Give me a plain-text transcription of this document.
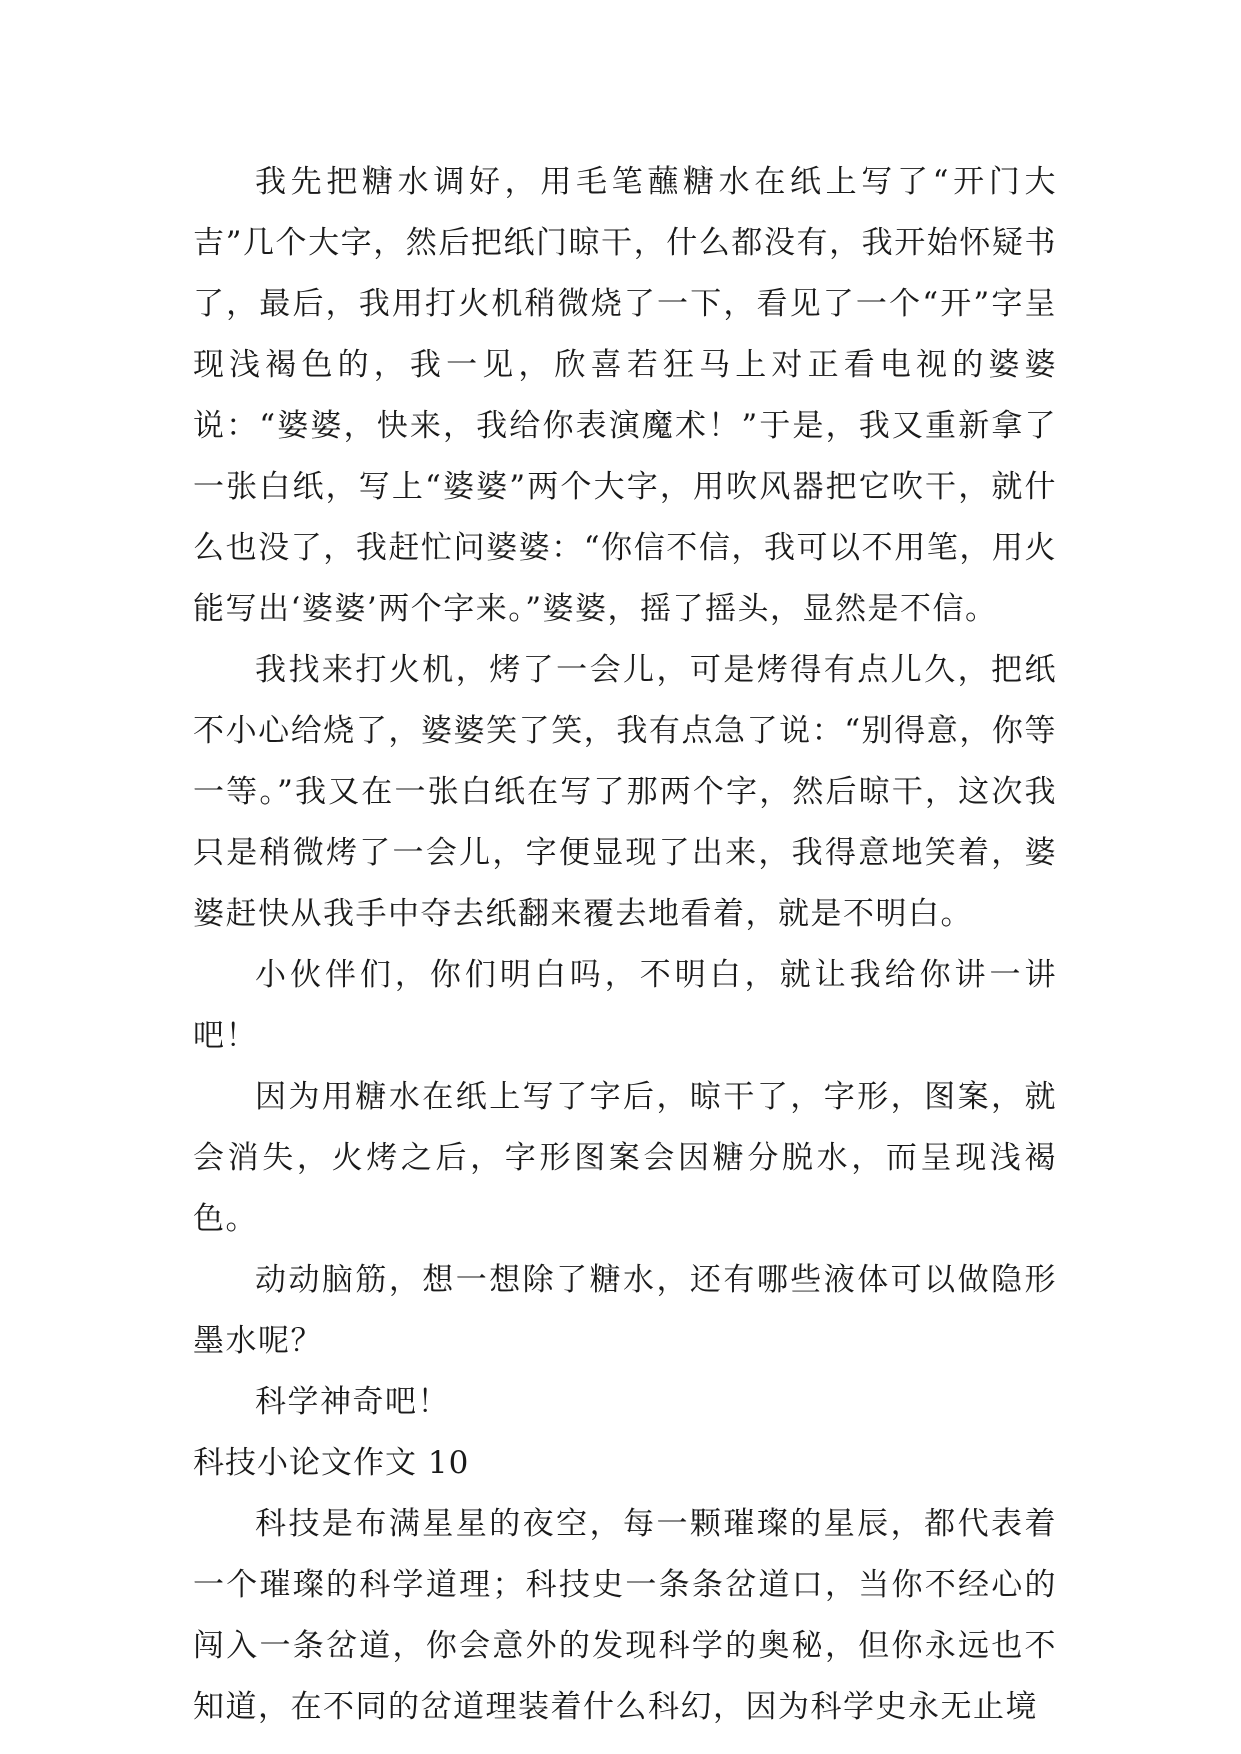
我先把糖水调好，用毛笔蘸糖水在纸上写了“开门大吉”几个大字，然后把纸门晾干，什么都没有，我开始怀疑书了，最后，我用打火机稍微烧了一下，看见了一个“开”字呈现浅褐色的，我一见，欣喜若狂马上对正看电视的婆婆说：“婆婆，快来，我给你表演魔术！”于是，我又重新拿了一张白纸，写上“婆婆”两个大字，用吹风器把它吹干，就什么也没了，我赶忙问婆婆：“你信不信，我可以不用笔，用火能写出‘婆婆’两个字来。”婆婆，摇了摇头，显然是不信。

我找来打火机，烤了一会儿，可是烤得有点儿久，把纸不小心给烧了，婆婆笑了笑，我有点急了说：“别得意，你等一等。”我又在一张白纸在写了那两个字，然后晾干，这次我只是稍微烤了一会儿，字便显现了出来，我得意地笑着，婆婆赶快从我手中夺去纸翻来覆去地看着，就是不明白。

小伙伴们，你们明白吗，不明白，就让我给你讲一讲吧！

因为用糖水在纸上写了字后，晾干了，字形，图案，就会消失，火烤之后，字形图案会因糖分脱水，而呈现浅褐色。

动动脑筋，想一想除了糖水，还有哪些液体可以做隐形墨水呢？

科学神奇吧！

科技小论文作文 10

科技是布满星星的夜空，每一颗璀璨的星辰，都代表着一个璀璨的科学道理；科技史一条条岔道口，当你不经心的闯入一条岔道，你会意外的发现科学的奥秘，但你永远也不知道，在不同的岔道理装着什么科幻，因为科学史永无止境
